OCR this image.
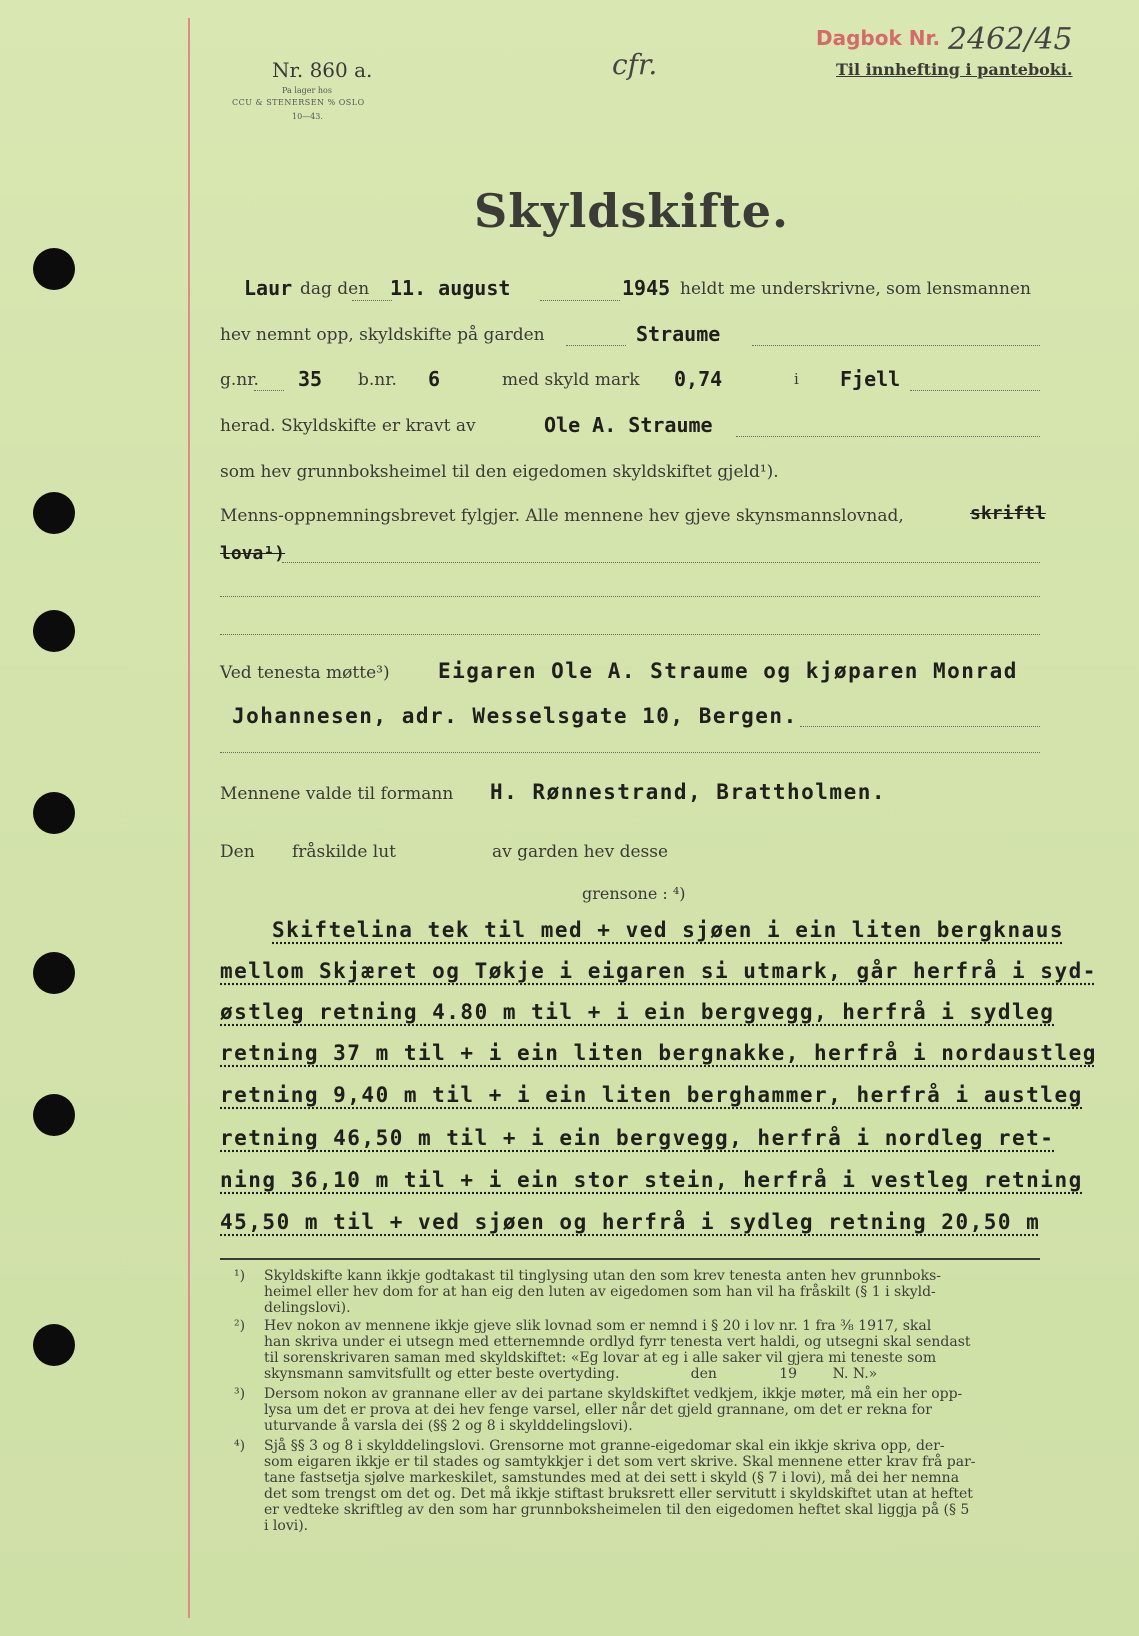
Nr. 860 a.
Pa lager hos
CCU & STENERSEN % OSLO
10—43.
cfr.
Dagbok Nr. 2462/45
Til innhefting i panteboki.
Skyldskifte.
Laur dag den 11. august	1945 heldt me underskrivne, som lensmannen
hev nemnt opp, skyldskifte på garden	Straume
g.nr. 35 b.nr. 6	med skyld mark 0,74	i Fjell
herad. Skyldskifte er kravt av	Ole A. Straume
som hev grunnboksheimel til den eigedomen skyldskiftet gjeld¹).
Menns-oppnemningsbrevet fylgjer. Alle mennene hev gjeve skynsmannslovnad,	skriftl
lova¹)
Ved tenesta møtte³) Eigaren Ole A. Straume og kjøparen Monrad
Johannesen, adr. Wesselsgate 10, Bergen.
Mennene valde til formann H. Rønnestrand, Brattholmen.
Den fråskilde lut	av garden hev desse
grensone : ⁴)
Skiftelina tek til med + ved sjøen i ein liten bergknaus
mellom Skjæret og Tøkje i eigaren si utmark, går herfrå i syd-
østleg retning 4.80 m til + i ein bergvegg, herfrå i sydleg
retning 37 m til + i ein liten bergnakke, herfrå i nordaustleg
retning 9,40 m til + i ein liten berghammer, herfrå i austleg
retning 46,50 m til + i ein bergvegg, herfrå i nordleg ret-
ning 36,10 m til + i ein stor stein, herfrå i vestleg retning
45,50 m til + ved sjøen og herfrå i sydleg retning 20,50 m
¹) Skyldskifte kann ikkje godtakast til tinglysing utan den som krev tenesta anten hev grunnboks-
heimel eller hev dom for at han eig den luten av eigedomen som han vil ha fråskilt (§ 1 i skyld-
delingslovi).
²) Hev nokon av mennene ikkje gjeve slik lovnad som er nemnd i § 20 i lov nr. 1 fra ⅜ 1917, skal
han skriva under ei utsegn med etternemnde ordlyd fyrr tenesta vert haldi, og utsegni skal sendast
til sorenskrivaren saman med skyldskiftet: «Eg lovar at eg i alle saker vil gjera mi teneste som
skynsmann samvitsfullt og etter beste overtyding.                den              19        N. N.»
³) Dersom nokon av grannane eller av dei partane skyldskiftet vedkjem, ikkje møter, må ein her opp-
lysa um det er prova at dei hev fenge varsel, eller når det gjeld grannane, om det er rekna for
uturvande å varsla dei (§§ 2 og 8 i skylddelingslovi).
⁴) Sjå §§ 3 og 8 i skylddelingslovi. Grensorne mot granne-eigedomar skal ein ikkje skriva opp, der-
som eigaren ikkje er til stades og samtykkjer i det som vert skrive. Skal mennene etter krav frå par-
tane fastsetja sjølve markeskilet, samstundes med at dei sett i skyld (§ 7 i lovi), må dei her nemna
det som trengst om det og. Det må ikkje stiftast bruksrett eller servitutt i skyldskiftet utan at heftet
er vedteke skriftleg av den som har grunnboksheimelen til den eigedomen heftet skal liggja på (§ 5
i lovi).
